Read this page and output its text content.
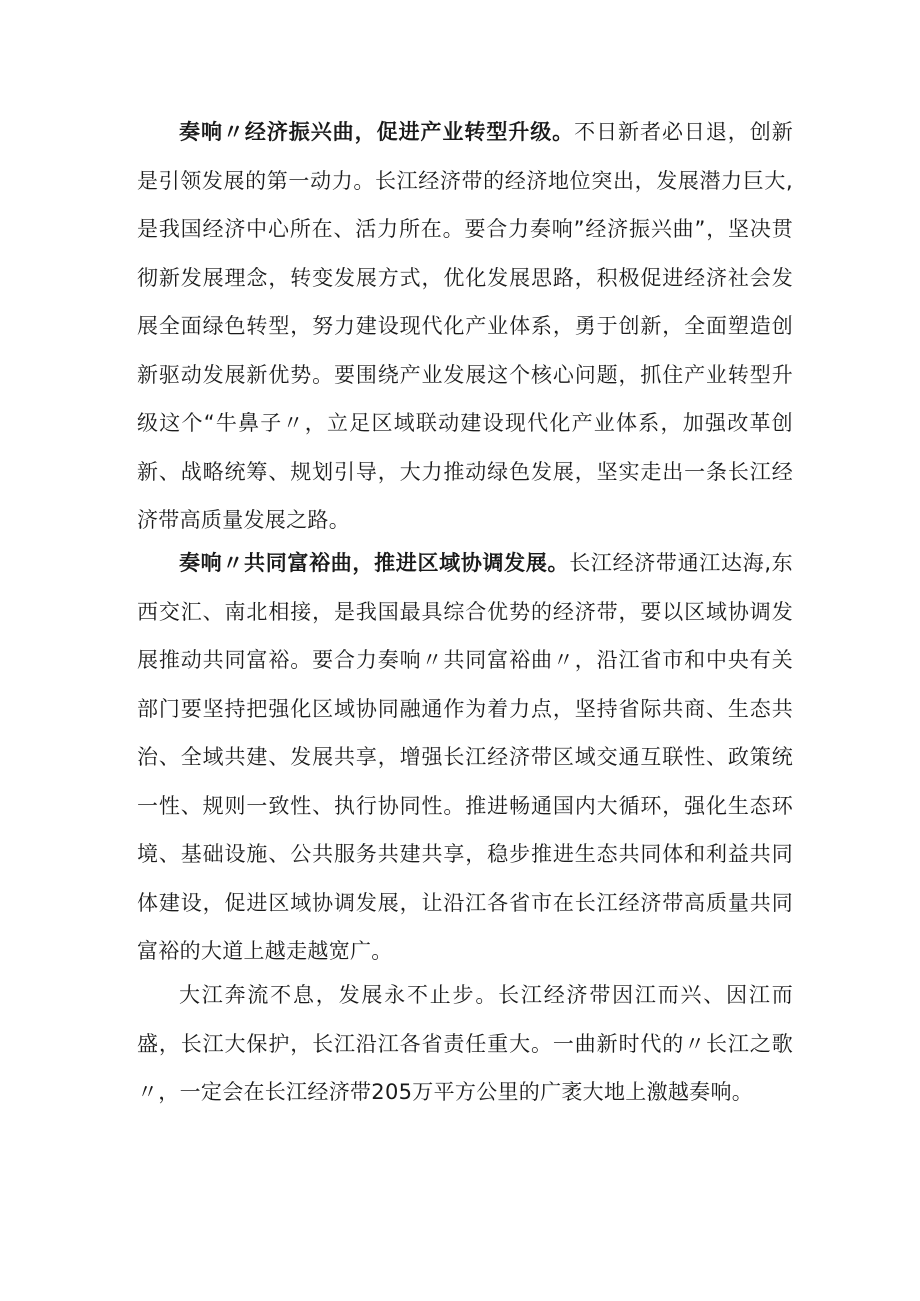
奏响〃经济振兴曲，促进产业转型升级。不日新者必日退，创新是引领发展的第一动力。长江经济带的经济地位突出，发展潜力巨大,是我国经济中心所在、活力所在。要合力奏响”经济振兴曲”，坚决贯彻新发展理念，转变发展方式，优化发展思路，积极促进经济社会发展全面绿色转型，努力建设现代化产业体系，勇于创新，全面塑造创新驱动发展新优势。要围绕产业发展这个核心问题，抓住产业转型升级这个“牛鼻子〃，立足区域联动建设现代化产业体系，加强改革创新、战略统筹、规划引导，大力推动绿色发展，坚实走出一条长江经济带高质量发展之路。

奏响〃共同富裕曲，推进区域协调发展。长江经济带通江达海,东西交汇、南北相接，是我国最具综合优势的经济带，要以区域协调发展推动共同富裕。要合力奏响〃共同富裕曲〃，沿江省市和中央有关部门要坚持把强化区域协同融通作为着力点，坚持省际共商、生态共治、全域共建、发展共享，增强长江经济带区域交通互联性、政策统一性、规则一致性、执行协同性。推进畅通国内大循环，强化生态环境、基础设施、公共服务共建共享，稳步推进生态共同体和利益共同体建设，促进区域协调发展，让沿江各省市在长江经济带高质量共同富裕的大道上越走越宽广。

大江奔流不息，发展永不止步。长江经济带因江而兴、因江而盛，长江大保护，长江沿江各省责任重大。一曲新时代的〃长江之歌〃，一定会在长江经济带205万平方公里的广袤大地上激越奏响。
